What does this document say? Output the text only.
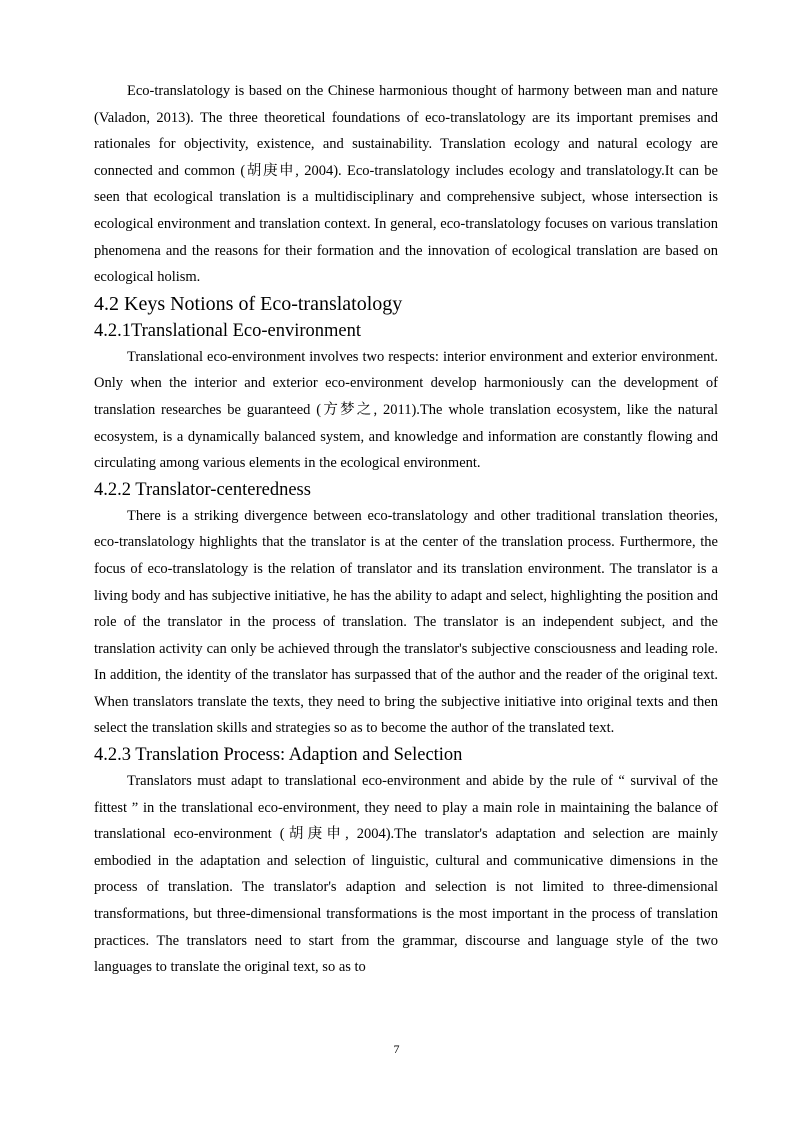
Eco-translatology is based on the Chinese harmonious thought of harmony between man and nature (Valadon, 2013). The three theoretical foundations of eco-translatology are its important premises and rationales for objectivity, existence, and sustainability. Translation ecology and natural ecology are connected and common (胡庚申, 2004). Eco-translatology includes ecology and translatology.It can be seen that ecological translation is a multidisciplinary and comprehensive subject, whose intersection is ecological environment and translation context. In general, eco-translatology focuses on various translation phenomena and the reasons for their formation and the innovation of ecological translation are based on ecological holism.

4.2 Keys Notions of Eco-translatology
4.2.1Translational Eco-environment

Translational eco-environment involves two respects: interior environment and exterior environment. Only when the interior and exterior eco-environment develop harmoniously can the development of translation researches be guaranteed (方梦之, 2011).The whole translation ecosystem, like the natural ecosystem, is a dynamically balanced system, and knowledge and information are constantly flowing and circulating among various elements in the ecological environment.

4.2.2 Translator-centeredness

There is a striking divergence between eco-translatology and other traditional translation theories, eco-translatology highlights that the translator is at the center of the translation process. Furthermore, the focus of eco-translatology is the relation of translator and its translation environment. The translator is a living body and has subjective initiative, he has the ability to adapt and select, highlighting the position and role of the translator in the process of translation. The translator is an independent subject, and the translation activity can only be achieved through the translator's subjective consciousness and leading role. In addition, the identity of the translator has surpassed that of the author and the reader of the original text. When translators translate the texts, they need to bring the subjective initiative into original texts and then select the translation skills and strategies so as to become the author of the translated text.

4.2.3 Translation Process: Adaption and Selection

Translators must adapt to translational eco-environment and abide by the rule of “ survival of the fittest ” in the translational eco-environment, they need to play a main role in maintaining the balance of translational eco-environment (胡庚申, 2004).The translator's adaptation and selection are mainly embodied in the adaptation and selection of linguistic, cultural and communicative dimensions in the process of translation. The translator's adaption and selection is not limited to three-dimensional transformations, but three-dimensional transformations is the most important in the process of translation practices. The translators need to start from the grammar, discourse and language style of the two languages to translate the original text, so as to

7
